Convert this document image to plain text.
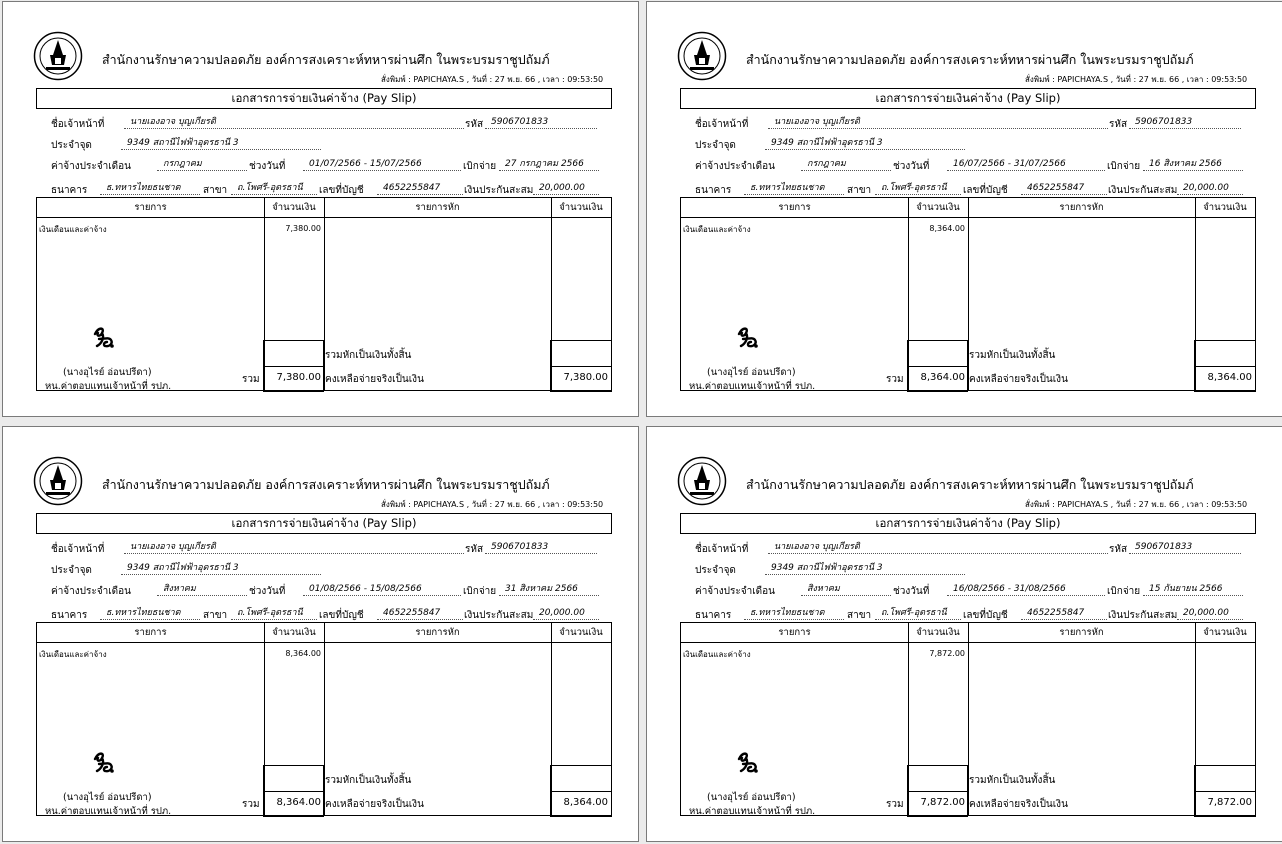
สำนักงานรักษาความปลอดภัย องค์การสงเคราะห์ทหารผ่านศึก ในพระบรมราชูปถัมภ์
สั่งพิมพ์ : PAPICHAYA.S , วันที่ : 27 พ.ย. 66 , เวลา : 09:53:50
เอกสารการจ่ายเงินค่าจ้าง (Pay Slip)
ชื่อเจ้าหน้าที่	นายเองอาจ บุญเกียรติ	รหัส 5906701833
ประจำจุด	9349 สถานีไฟฟ้าอุดรธานี 3
ค่าจ้างประจำเดือน	กรกฎาคม	ช่วงวันที่	01/07/2566 - 15/07/2566	เบิกจ่าย 27 กรกฎาคม 2566
ธนาคาร	ธ.ทหารไทยธนชาต	สาขา	ถ.โพศรี-อุดรธานี	เลขที่บัญชี	4652255847	เงินประกันสะสม 20,000.00
รายการ	จำนวนเงิน	รายการหัก	จำนวนเงิน
เงินเดือนและค่าจ้าง	7,380.00
รวมหักเป็นเงินทั้งสิ้น
รวม	7,380.00 คงเหลือจ่ายจริงเป็นเงิน	7,380.00
(นางอุไรย์ อ่อนปรีดา)
หน.ค่าตอบแทนเจ้าหน้าที่ รปภ.
สำนักงานรักษาความปลอดภัย องค์การสงเคราะห์ทหารผ่านศึก ในพระบรมราชูปถัมภ์
สั่งพิมพ์ : PAPICHAYA.S , วันที่ : 27 พ.ย. 66 , เวลา : 09:53:50
เอกสารการจ่ายเงินค่าจ้าง (Pay Slip)
ชื่อเจ้าหน้าที่	นายเองอาจ บุญเกียรติ	รหัส 5906701833
ประจำจุด	9349 สถานีไฟฟ้าอุดรธานี 3
ค่าจ้างประจำเดือน	กรกฎาคม	ช่วงวันที่	16/07/2566 - 31/07/2566	เบิกจ่าย 16 สิงหาคม 2566
ธนาคาร	ธ.ทหารไทยธนชาต	สาขา	ถ.โพศรี-อุดรธานี	เลขที่บัญชี	4652255847	เงินประกันสะสม 20,000.00
รายการ	จำนวนเงิน	รายการหัก	จำนวนเงิน
เงินเดือนและค่าจ้าง	8,364.00
รวมหักเป็นเงินทั้งสิ้น
รวม	8,364.00 คงเหลือจ่ายจริงเป็นเงิน	8,364.00
(นางอุไรย์ อ่อนปรีดา)
หน.ค่าตอบแทนเจ้าหน้าที่ รปภ.
สำนักงานรักษาความปลอดภัย องค์การสงเคราะห์ทหารผ่านศึก ในพระบรมราชูปถัมภ์
สั่งพิมพ์ : PAPICHAYA.S , วันที่ : 27 พ.ย. 66 , เวลา : 09:53:50
เอกสารการจ่ายเงินค่าจ้าง (Pay Slip)
ชื่อเจ้าหน้าที่	นายเองอาจ บุญเกียรติ	รหัส 5906701833
ประจำจุด	9349 สถานีไฟฟ้าอุดรธานี 3
ค่าจ้างประจำเดือน	สิงหาคม	ช่วงวันที่	01/08/2566 - 15/08/2566	เบิกจ่าย 31 สิงหาคม 2566
ธนาคาร	ธ.ทหารไทยธนชาต	สาขา	ถ.โพศรี-อุดรธานี	เลขที่บัญชี	4652255847	เงินประกันสะสม 20,000.00
รายการ	จำนวนเงิน	รายการหัก	จำนวนเงิน
เงินเดือนและค่าจ้าง	8,364.00
รวมหักเป็นเงินทั้งสิ้น
รวม	8,364.00 คงเหลือจ่ายจริงเป็นเงิน	8,364.00
(นางอุไรย์ อ่อนปรีดา)
หน.ค่าตอบแทนเจ้าหน้าที่ รปภ.
สำนักงานรักษาความปลอดภัย องค์การสงเคราะห์ทหารผ่านศึก ในพระบรมราชูปถัมภ์
สั่งพิมพ์ : PAPICHAYA.S , วันที่ : 27 พ.ย. 66 , เวลา : 09:53:50
เอกสารการจ่ายเงินค่าจ้าง (Pay Slip)
ชื่อเจ้าหน้าที่	นายเองอาจ บุญเกียรติ	รหัส 5906701833
ประจำจุด	9349 สถานีไฟฟ้าอุดรธานี 3
ค่าจ้างประจำเดือน	สิงหาคม	ช่วงวันที่	16/08/2566 - 31/08/2566	เบิกจ่าย 15 กันยายน 2566
ธนาคาร	ธ.ทหารไทยธนชาต	สาขา	ถ.โพศรี-อุดรธานี	เลขที่บัญชี	4652255847	เงินประกันสะสม 20,000.00
รายการ	จำนวนเงิน	รายการหัก	จำนวนเงิน
เงินเดือนและค่าจ้าง	7,872.00
รวมหักเป็นเงินทั้งสิ้น
รวม	7,872.00 คงเหลือจ่ายจริงเป็นเงิน	7,872.00
(นางอุไรย์ อ่อนปรีดา)
หน.ค่าตอบแทนเจ้าหน้าที่ รปภ.
